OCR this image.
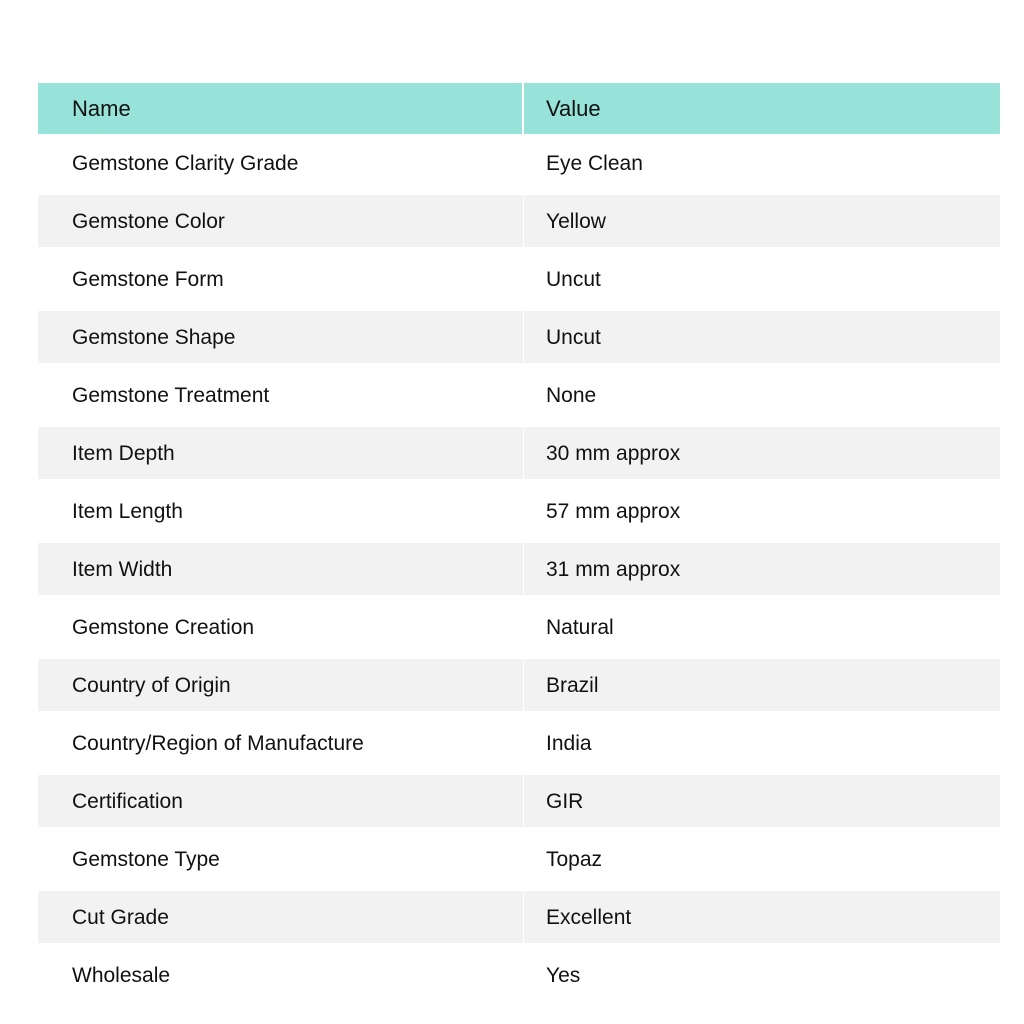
Name	Value
Gemstone Clarity Grade	Eye Clean
Gemstone Color	Yellow
Gemstone Form	Uncut
Gemstone Shape	Uncut
Gemstone Treatment	None
Item Depth	30 mm approx
Item Length	57 mm approx
Item Width	31 mm approx
Gemstone Creation	Natural
Country of Origin	Brazil
Country/Region of Manufacture	India
Certification	GIR
Gemstone Type	Topaz
Cut Grade	Excellent
Wholesale	Yes
